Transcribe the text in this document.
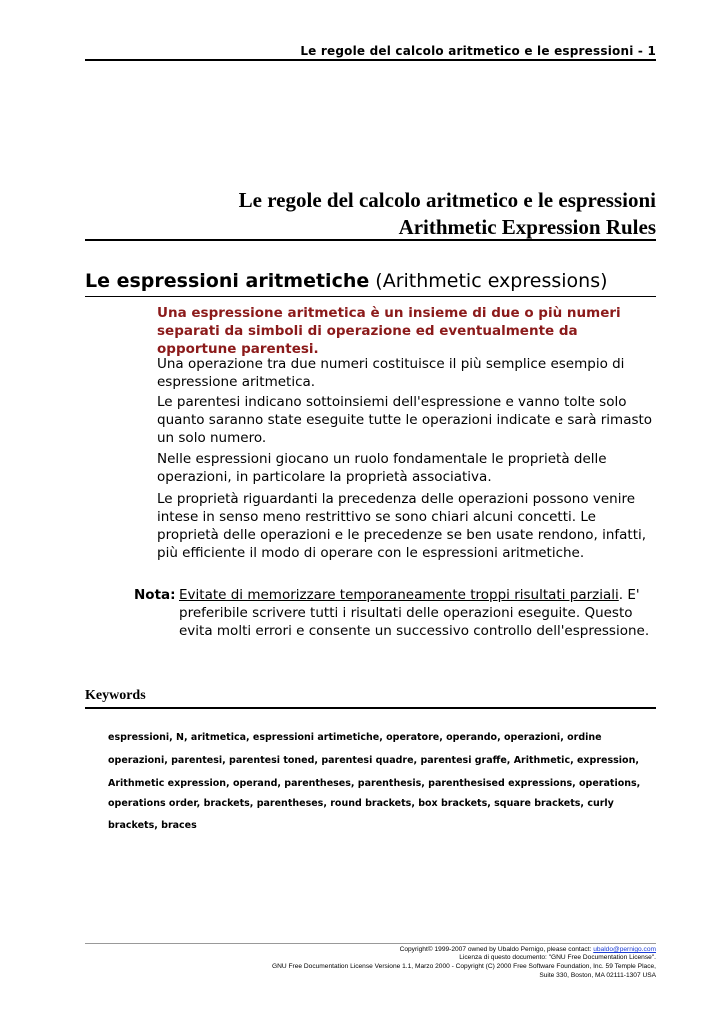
Le regole del calcolo aritmetico e le espressioni - 1
Le regole del calcolo aritmetico e le espressioni
Arithmetic Expression Rules
Le espressioni aritmetiche (Arithmetic expressions)
Una espressione aritmetica è un insieme di due o più numeri separati da simboli di operazione ed eventualmente da opportune parentesi.
Una operazione tra due numeri costituisce il più semplice esempio di espressione aritmetica.
Le parentesi indicano sottoinsiemi dell'espressione e vanno tolte solo quanto saranno state eseguite tutte le operazioni indicate e sarà rimasto un solo numero.
Nelle espressioni giocano un ruolo fondamentale le proprietà delle operazioni, in particolare la proprietà associativa.
Le proprietà riguardanti la precedenza delle operazioni possono venire intese in senso meno restrittivo se sono chiari alcuni concetti. Le proprietà delle operazioni e le precedenze se ben usate rendono, infatti, più efficiente il modo di operare con le espressioni aritmetiche.
Nota: Evitate di memorizzare temporaneamente troppi risultati parziali. E' preferibile scrivere tutti i risultati delle operazioni eseguite. Questo evita molti errori e consente un successivo controllo dell'espressione.
Keywords
espressioni, N, aritmetica, espressioni artimetiche, operatore, operando, operazioni, ordine
operazioni, parentesi, parentesi toned, parentesi quadre, parentesi graffe, Arithmetic, expression,
Arithmetic expression, operand, parentheses, parenthesis, parenthesised expressions, operations,
operations order, brackets, parentheses, round brackets, box brackets, square brackets, curly
brackets, braces
Copyright© 1999-2007 owned by Ubaldo Pernigo, please contact: ubaldo@pernigo.com
Licenza di questo documento: "GNU Free Documentation License".
GNU Free Documentation License Versione 1.1, Marzo 2000 - Copyright (C) 2000 Free Software Foundation, Inc. 59 Temple Place,
Suite 330, Boston, MA 02111-1307 USA
